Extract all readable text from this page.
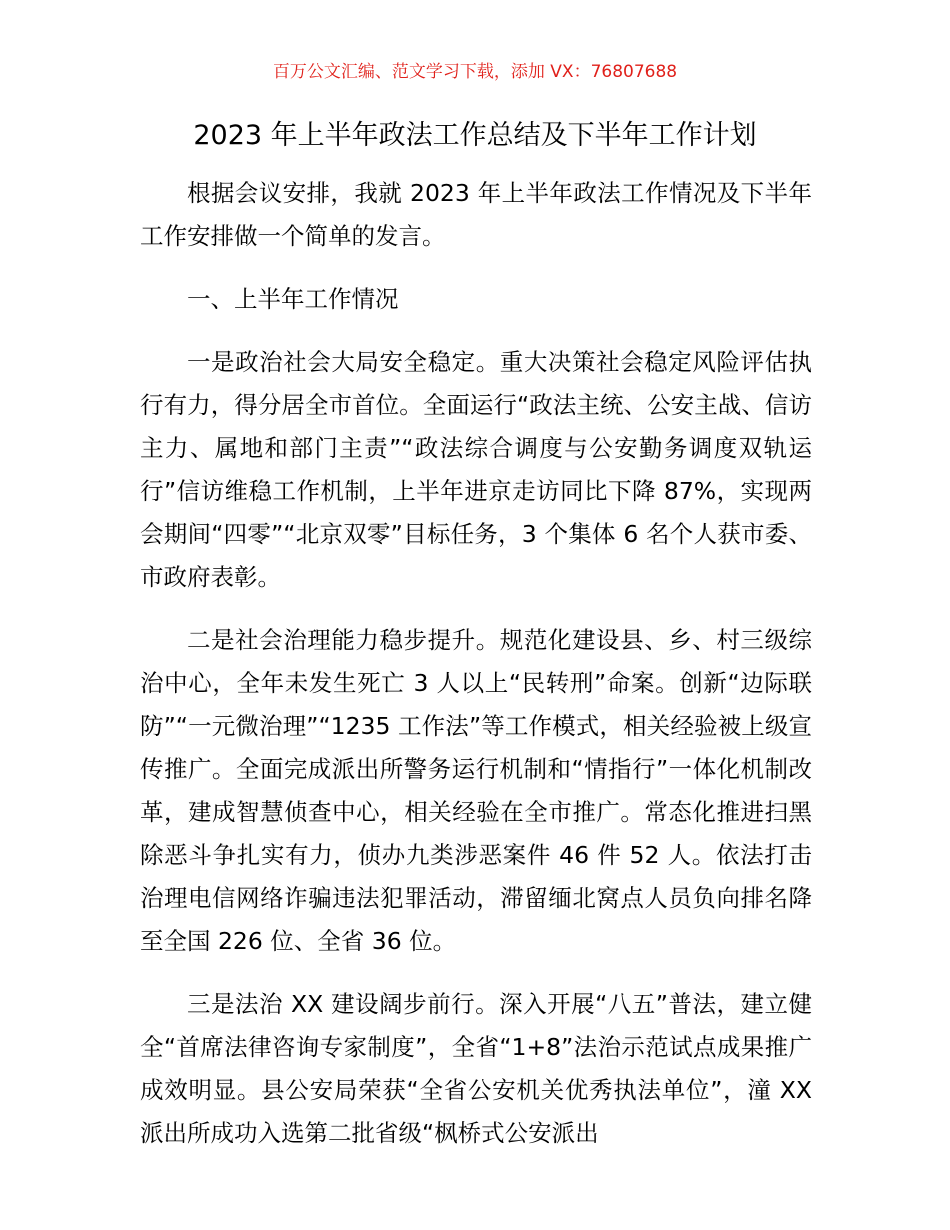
百万公文汇编、范文学习下载，添加 VX：76807688
2023 年上半年政法工作总结及下半年工作计划

根据会议安排，我就 2023 年上半年政法工作情况及下半年工作安排做一个简单的发言。

一、上半年工作情况

一是政治社会大局安全稳定。重大决策社会稳定风险评估执行有力，得分居全市首位。全面运行“政法主统、公安主战、信访主力、属地和部门主责”“政法综合调度与公安勤务调度双轨运行”信访维稳工作机制，上半年进京走访同比下降 87%，实现两会期间“四零”“北京双零”目标任务，3 个集体 6 名个人获市委、市政府表彰。

二是社会治理能力稳步提升。规范化建设县、乡、村三级综治中心，全年未发生死亡 3 人以上“民转刑”命案。创新“边际联防”“一元微治理”“1235 工作法”等工作模式，相关经验被上级宣传推广。全面完成派出所警务运行机制和“情指行”一体化机制改革，建成智慧侦查中心，相关经验在全市推广。常态化推进扫黑除恶斗争扎实有力，侦办九类涉恶案件 46 件 52 人。依法打击治理电信网络诈骗违法犯罪活动，滞留缅北窝点人员负向排名降至全国 226 位、全省 36 位。

三是法治 XX 建设阔步前行。深入开展“八五”普法，建立健全“首席法律咨询专家制度”，全省“1+8”法治示范试点成果推广成效明显。县公安局荣获“全省公安机关优秀执法单位”，潼 XX 派出所成功入选第二批省级“枫桥式公安派出
